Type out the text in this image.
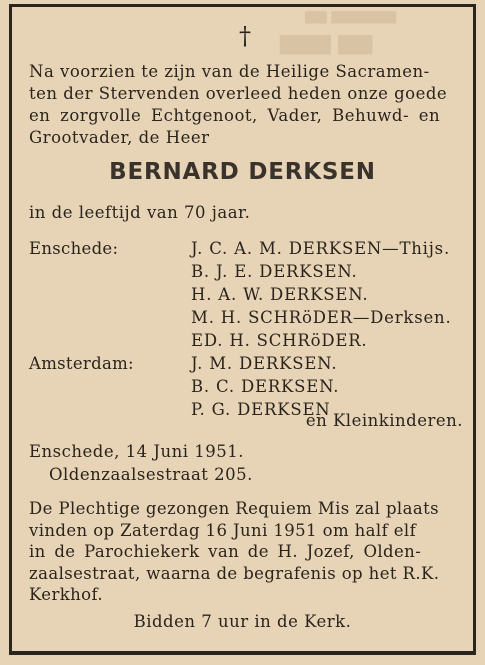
▆▆ ▆▆▆▆▆▆
▆▆▆ ▆▆
†
Na voorzien te zijn van de Heilige Sacramen-
ten der Stervenden overleed heden onze goede
en zorgvolle Echtgenoot, Vader, Behuwd- en
Grootvader, de Heer
BERNARD DERKSEN
in de leeftijd van 70 jaar.
Enschede:	J. C. A. M. DERKSEN—Thijs.
B. J. E. DERKSEN.
H. A. W. DERKSEN.
M. H. SCHRöDER—Derksen.
ED. H. SCHRöDER.
Amsterdam:	J. M. DERKSEN.
B. C. DERKSEN.
P. G. DERKSEN
en Kleinkinderen.
Enschede, 14 Juni 1951.
Oldenzaalsestraat 205.
De Plechtige gezongen Requiem Mis zal plaats
vinden op Zaterdag 16 Juni 1951 om half elf
in de Parochiekerk van de H. Jozef, Olden-
zaalsestraat, waarna de begrafenis op het R.K.
Kerkhof.
Bidden 7 uur in de Kerk.
